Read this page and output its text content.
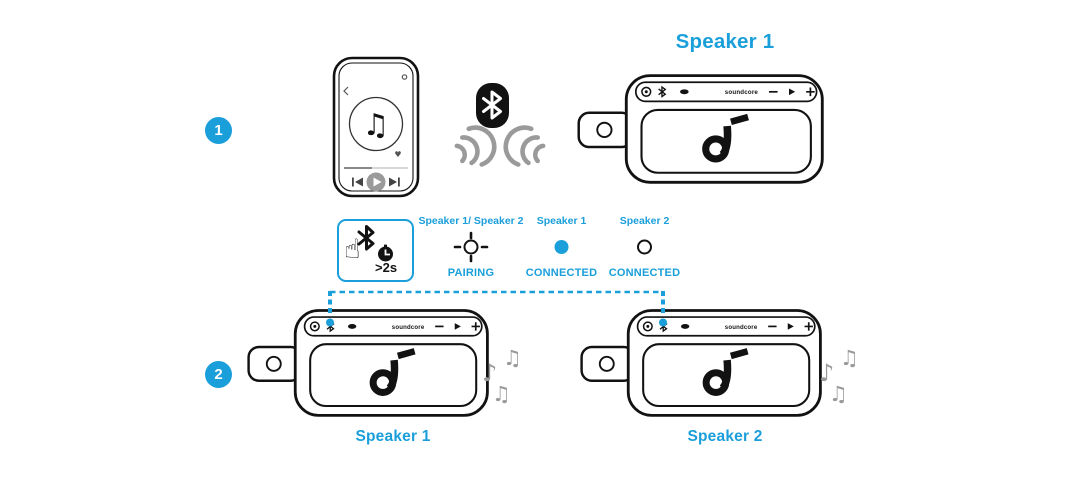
1	♫
♥
Speaker 1
soundcore
2
☝
>2s
Speaker 1/ Speaker 2
PAIRING
Speaker 1
CONNECTED
Speaker 2
CONNECTED
soundcore	soundcore
Speaker 1	Speaker 2
♫
♪
♫
♫
♪
♫
